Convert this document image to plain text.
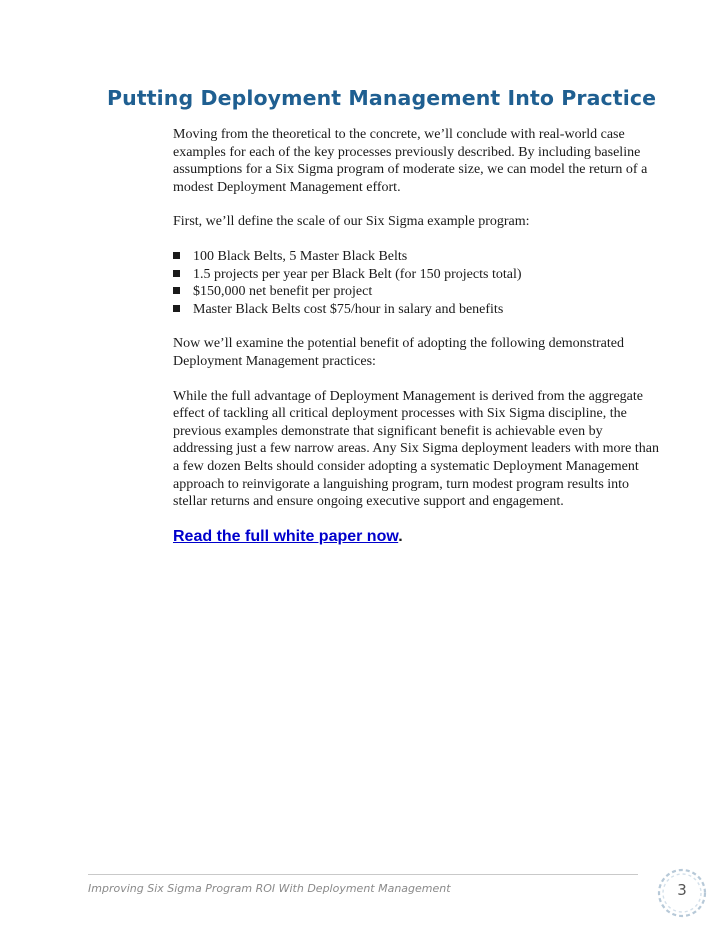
Putting Deployment Management Into Practice

Moving from the theoretical to the concrete, we’ll conclude with real-world case examples for each of the key processes previously described. By including baseline assumptions for a Six Sigma program of moderate size, we can model the return of a modest Deployment Management effort.

First, we’ll define the scale of our Six Sigma example program:

100 Black Belts, 5 Master Black Belts
1.5 projects per year per Black Belt (for 150 projects total)
$150,000 net benefit per project
Master Black Belts cost $75/hour in salary and benefits

Now we’ll examine the potential benefit of adopting the following demonstrated Deployment Management practices:

While the full advantage of Deployment Management is derived from the aggregate effect of tackling all critical deployment processes with Six Sigma discipline, the previous examples demonstrate that significant benefit is achievable even by addressing just a few narrow areas. Any Six Sigma deployment leaders with more than a few dozen Belts should consider adopting a systematic Deployment Management approach to reinvigorate a languishing program, turn modest program results into stellar returns and ensure ongoing executive support and engagement.

Read the full white paper now.
Improving Six Sigma Program ROI With Deployment Management	3
